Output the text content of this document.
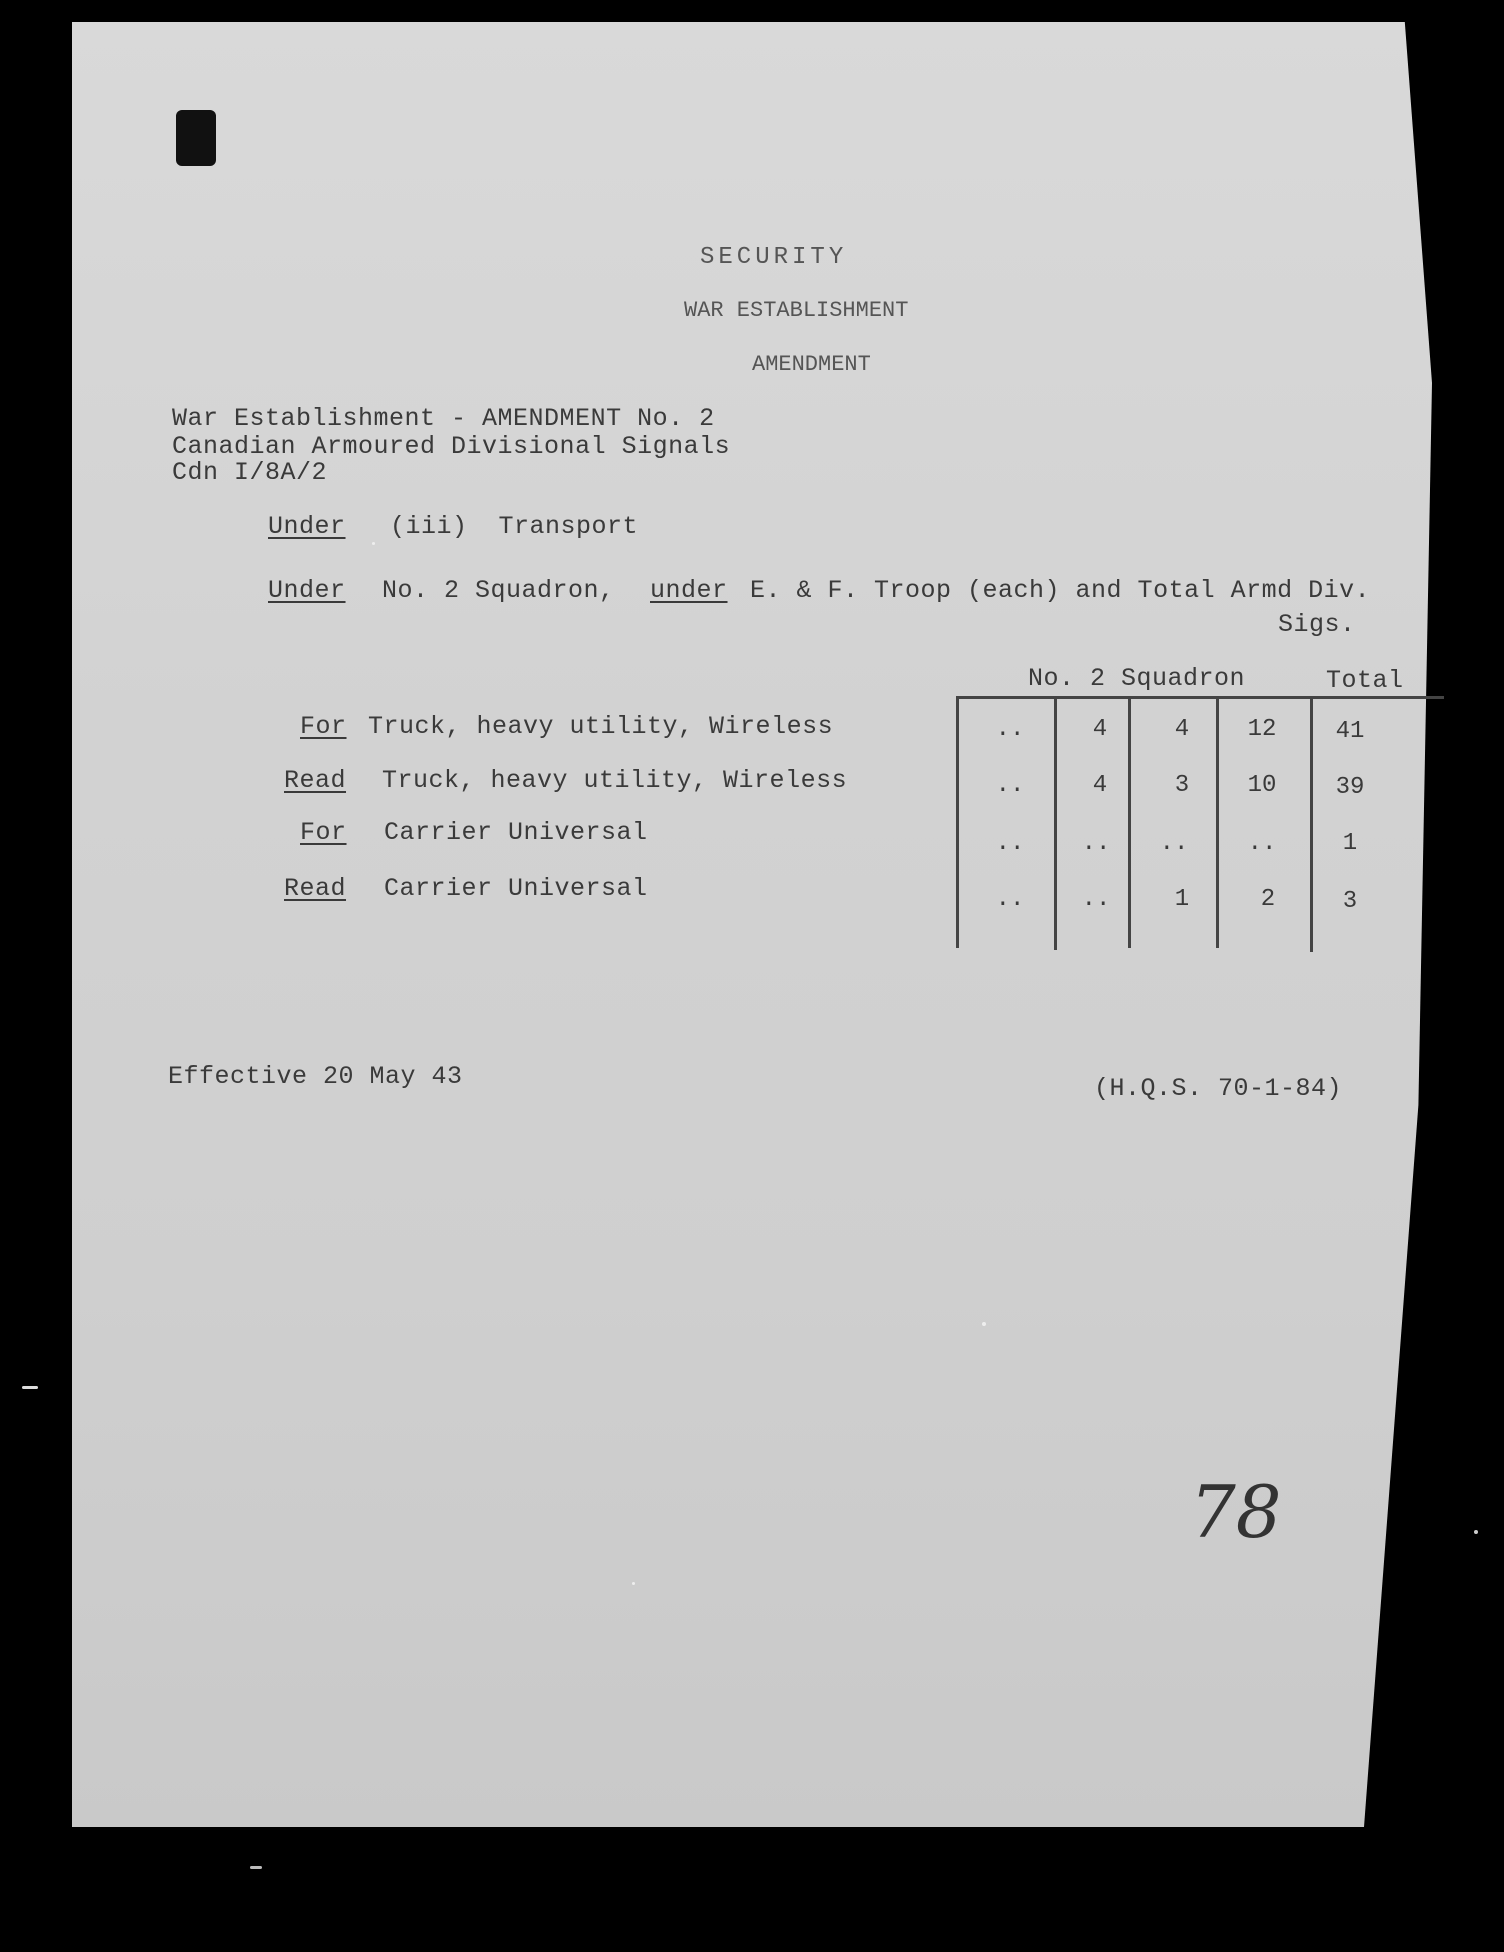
SECURITY
WAR ESTABLISHMENT
AMENDMENT
War Establishment - AMENDMENT No. 2
Canadian Armoured Divisional Signals
Cdn I/8A/2
Under (iii)  Transport
Under No. 2 Squadron, under E. & F. Troop (each) and Total Armd Div.
Sigs.
No. 2 Squadron	Total
For Truck, heavy utility, Wireless	..	4	4	12	41
Read Truck, heavy utility, Wireless	..	4	3	10	39
For Carrier Universal	..	..	..	..	1
Read Carrier Universal	..	..	1	2	3
Effective 20 May 43	(H.Q.S. 70-1-84)
78
